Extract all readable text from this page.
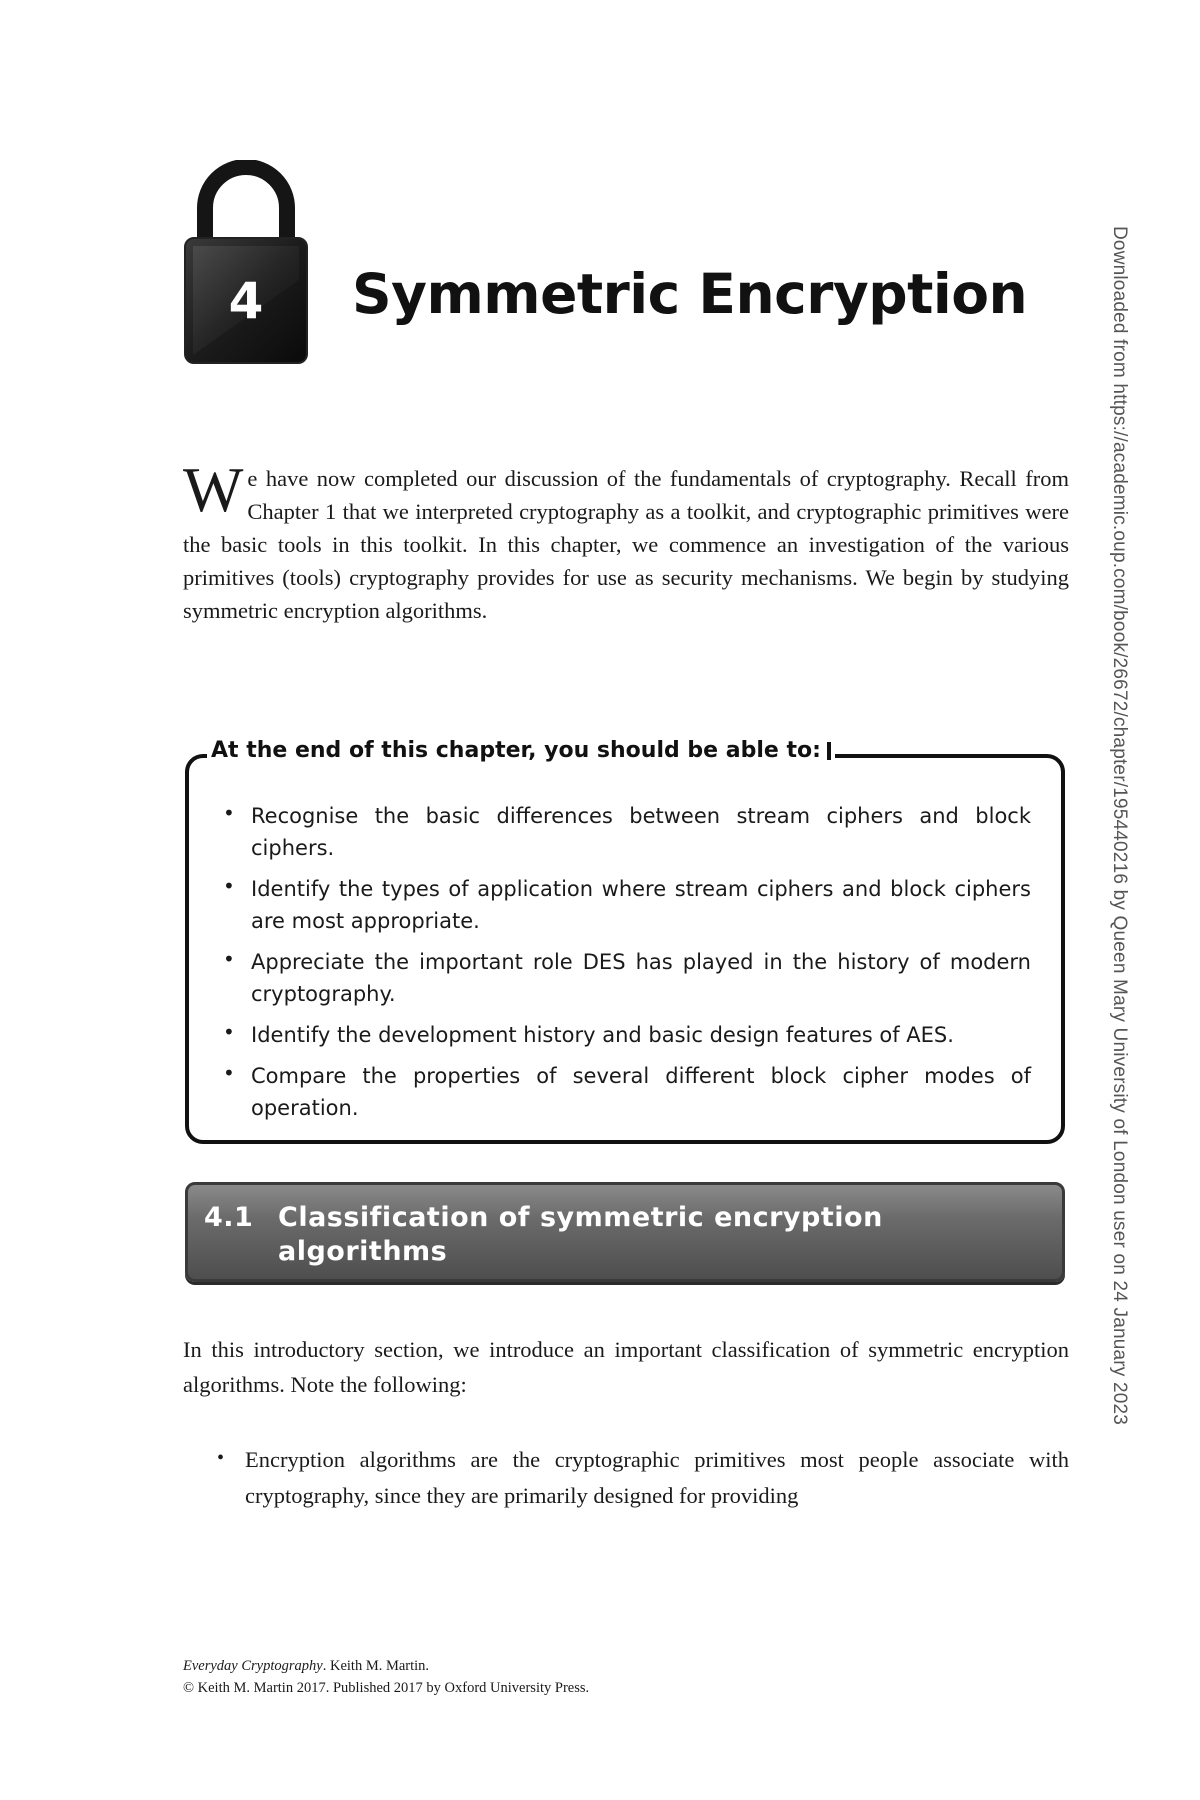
4 Symmetric Encryption

We have now completed our discussion of the fundamentals of cryptography. Recall from Chapter 1 that we interpreted cryptography as a toolkit, and cryptographic primitives were the basic tools in this toolkit. In this chapter, we commence an investigation of the various primitives (tools) cryptography provides for use as security mechanisms. We begin by studying symmetric encryption algorithms.

At the end of this chapter, you should be able to:
• Recognise the basic differences between stream ciphers and block ciphers.
• Identify the types of application where stream ciphers and block ciphers are most appropriate.
• Appreciate the important role DES has played in the history of modern cryptography.
• Identify the development history and basic design features of AES.
• Compare the properties of several different block cipher modes of operation.
4.1 Classification of symmetric encryption algorithms

In this introductory section, we introduce an important classification of symmetric encryption algorithms. Note the following:

• Encryption algorithms are the cryptographic primitives most people associate with cryptography, since they are primarily designed for providing
Everyday Cryptography. Keith M. Martin.
© Keith M. Martin 2017. Published 2017 by Oxford University Press.
Downloaded from https://academic.oup.com/book/26672/chapter/195440216 by Queen Mary University of London user on 24 January 2023
